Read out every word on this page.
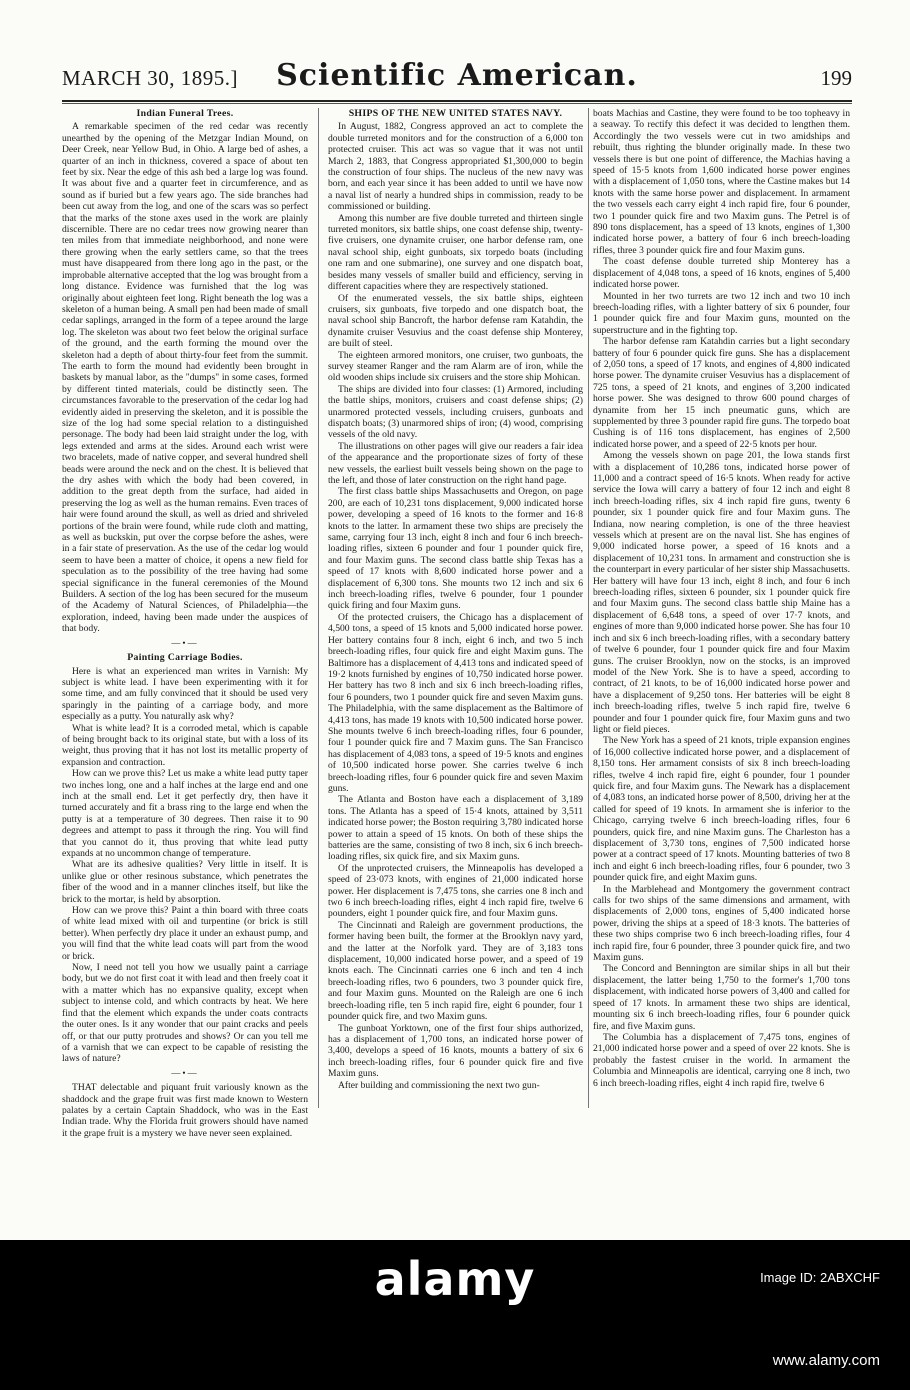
MARCH 30, 1895.]	Scientific American.	199
Indian Funeral Trees.

A remarkable specimen of the red cedar was recently unearthed by the opening of the Metzgar Indian Mound, on Deer Creek, near Yellow Bud, in Ohio. A large bed of ashes, a quarter of an inch in thickness, covered a space of about ten feet by six. Near the edge of this ash bed a large log was found. It was about five and a quarter feet in circumference, and as sound as if buried but a few years ago. The side branches had been cut away from the log, and one of the scars was so perfect that the marks of the stone axes used in the work are plainly discernible. There are no cedar trees now growing nearer than ten miles from that immediate neighborhood, and none were there growing when the early settlers came, so that the trees must have disappeared from there long ago in the past, or the improbable alternative accepted that the log was brought from a long distance. Evidence was furnished that the log was originally about eighteen feet long. Right beneath the log was a skeleton of a human being. A small pen had been made of small cedar saplings, arranged in the form of a tepee around the large log. The skeleton was about two feet below the original surface of the ground, and the earth forming the mound over the skeleton had a depth of about thirty-four feet from the summit. The earth to form the mound had evidently been brought in baskets by manual labor, as the "dumps" in some cases, formed by different tinted materials, could be distinctly seen. The circumstances favorable to the preservation of the cedar log had evidently aided in preserving the skeleton, and it is possible the size of the log had some special relation to a distinguished personage. The body had been laid straight under the log, with legs extended and arms at the sides. Around each wrist were two bracelets, made of native copper, and several hundred shell beads were around the neck and on the chest. It is believed that the dry ashes with which the body had been covered, in addition to the great depth from the surface, had aided in preserving the log as well as the human remains. Even traces of hair were found around the skull, as well as dried and shriveled portions of the brain were found, while rude cloth and matting, as well as buckskin, put over the corpse before the ashes, were in a fair state of preservation. As the use of the cedar log would seem to have been a matter of choice, it opens a new field for speculation as to the possibility of the tree having had some special significance in the funeral ceremonies of the Mound Builders. A section of the log has been secured for the museum of the Academy of Natural Sciences, of Philadelphia—the exploration, indeed, having been made under the auspices of that body.

—•—
Painting Carriage Bodies.

Here is what an experienced man writes in Varnish: My subject is white lead. I have been experimenting with it for some time, and am fully convinced that it should be used very sparingly in the painting of a carriage body, and more especially as a putty. You naturally ask why?

What is white lead? It is a corroded metal, which is capable of being brought back to its original state, but with a loss of its weight, thus proving that it has not lost its metallic property of expansion and contraction.

How can we prove this? Let us make a white lead putty taper two inches long, one and a half inches at the large end and one inch at the small end. Let it get perfectly dry, then have it turned accurately and fit a brass ring to the large end when the putty is at a temperature of 30 degrees. Then raise it to 90 degrees and attempt to pass it through the ring. You will find that you cannot do it, thus proving that white lead putty expands at no uncommon change of temperature.

What are its adhesive qualities? Very little in itself. It is unlike glue or other resinous substance, which penetrates the fiber of the wood and in a manner clinches itself, but like the brick to the mortar, is held by absorption.

How can we prove this? Paint a thin board with three coats of white lead mixed with oil and turpentine (or brick is still better). When perfectly dry place it under an exhaust pump, and you will find that the white lead coats will part from the wood or brick.

Now, I need not tell you how we usually paint a carriage body, but we do not first coat it with lead and then freely coat it with a matter which has no expansive quality, except when subject to intense cold, and which contracts by heat. We here find that the element which expands the under coats contracts the outer ones. Is it any wonder that our paint cracks and peels off, or that our putty protrudes and shows? Or can you tell me of a varnish that we can expect to be capable of resisting the laws of nature?

—•—

THAT delectable and piquant fruit variously known as the shaddock and the grape fruit was first made known to Western palates by a certain Captain Shaddock, who was in the East Indian trade. Why the Florida fruit growers should have named it the grape fruit is a mystery we have never seen explained.

SHIPS OF THE NEW UNITED STATES NAVY.

In August, 1882, Congress approved an act to complete the double turreted monitors and for the construction of a 6,000 ton protected cruiser. This act was so vague that it was not until March 2, 1883, that Congress appropriated $1,300,000 to begin the construction of four ships. The nucleus of the new navy was born, and each year since it has been added to until we have now a naval list of nearly a hundred ships in commission, ready to be commissioned or building.

Among this number are five double turreted and thirteen single turreted monitors, six battle ships, one coast defense ship, twenty-five cruisers, one dynamite cruiser, one harbor defense ram, one naval school ship, eight gunboats, six torpedo boats (including one ram and one submarine), one survey and one dispatch boat, besides many vessels of smaller build and efficiency, serving in different capacities where they are respectively stationed.

Of the enumerated vessels, the six battle ships, eighteen cruisers, six gunboats, five torpedo and one dispatch boat, the naval school ship Bancroft, the harbor defense ram Katahdin, the dynamite cruiser Vesuvius and the coast defense ship Monterey, are built of steel.

The eighteen armored monitors, one cruiser, two gunboats, the survey steamer Ranger and the ram Alarm are of iron, while the old wooden ships include six cruisers and the store ship Mohican.

The ships are divided into four classes: (1) Armored, including the battle ships, monitors, cruisers and coast defense ships; (2) unarmored protected vessels, including cruisers, gunboats and dispatch boats; (3) unarmored ships of iron; (4) wood, comprising vessels of the old navy.

The illustrations on other pages will give our readers a fair idea of the appearance and the proportionate sizes of forty of these new vessels, the earliest built vessels being shown on the page to the left, and those of later construction on the right hand page.

The first class battle ships Massachusetts and Oregon, on page 200, are each of 10,231 tons displacement, 9,000 indicated horse power, developing a speed of 16 knots to the former and 16·8 knots to the latter. In armament these two ships are precisely the same, carrying four 13 inch, eight 8 inch and four 6 inch breech-loading rifles, sixteen 6 pounder and four 1 pounder quick fire, and four Maxim guns. The second class battle ship Texas has a speed of 17 knots with 8,600 indicated horse power and a displacement of 6,300 tons. She mounts two 12 inch and six 6 inch breech-loading rifles, twelve 6 pounder, four 1 pounder quick firing and four Maxim guns.

Of the protected cruisers, the Chicago has a displacement of 4,500 tons, a speed of 15 knots and 5,000 indicated horse power. Her battery contains four 8 inch, eight 6 inch, and two 5 inch breech-loading rifles, four quick fire and eight Maxim guns. The Baltimore has a displacement of 4,413 tons and indicated speed of 19·2 knots furnished by engines of 10,750 indicated horse power. Her battery has two 8 inch and six 6 inch breech-loading rifles, four 6 pounders, two 1 pounder quick fire and seven Maxim guns. The Philadelphia, with the same displacement as the Baltimore of 4,413 tons, has made 19 knots with 10,500 indicated horse power. She mounts twelve 6 inch breech-loading rifles, four 6 pounder, four 1 pounder quick fire and 7 Maxim guns. The San Francisco has displacement of 4,083 tons, a speed of 19·5 knots and engines of 10,500 indicated horse power. She carries twelve 6 inch breech-loading rifles, four 6 pounder quick fire and seven Maxim guns.

The Atlanta and Boston have each a displacement of 3,189 tons. The Atlanta has a speed of 15·4 knots, attained by 3,511 indicated horse power; the Boston requiring 3,780 indicated horse power to attain a speed of 15 knots. On both of these ships the batteries are the same, consisting of two 8 inch, six 6 inch breech-loading rifles, six quick fire, and six Maxim guns.

Of the unprotected cruisers, the Minneapolis has developed a speed of 23·073 knots, with engines of 21,000 indicated horse power. Her displacement is 7,475 tons, she carries one 8 inch and two 6 inch breech-loading rifles, eight 4 inch rapid fire, twelve 6 pounders, eight 1 pounder quick fire, and four Maxim guns.

The Cincinnati and Raleigh are government productions, the former having been built, the former at the Brooklyn navy yard, and the latter at the Norfolk yard. They are of 3,183 tons displacement, 10,000 indicated horse power, and a speed of 19 knots each. The Cincinnati carries one 6 inch and ten 4 inch breech-loading rifles, two 6 pounders, two 3 pounder quick fire, and four Maxim guns. Mounted on the Raleigh are one 6 inch breech-loading rifle, ten 5 inch rapid fire, eight 6 pounder, four 1 pounder quick fire, and two Maxim guns.

The gunboat Yorktown, one of the first four ships authorized, has a displacement of 1,700 tons, an indicated horse power of 3,400, develops a speed of 16 knots, mounts a battery of six 6 inch breech-loading rifles, four 6 pounder quick fire and five Maxim guns.

After building and commissioning the next two gun-

boats Machias and Castine, they were found to be too topheavy in a seaway. To rectify this defect it was decided to lengthen them. Accordingly the two vessels were cut in two amidships and rebuilt, thus righting the blunder originally made. In these two vessels there is but one point of difference, the Machias having a speed of 15·5 knots from 1,600 indicated horse power engines with a displacement of 1,050 tons, where the Castine makes but 14 knots with the same horse power and displacement. In armament the two vessels each carry eight 4 inch rapid fire, four 6 pounder, two 1 pounder quick fire and two Maxim guns. The Petrel is of 890 tons displacement, has a speed of 13 knots, engines of 1,300 indicated horse power, a battery of four 6 inch breech-loading rifles, three 3 pounder quick fire and four Maxim guns.

The coast defense double turreted ship Monterey has a displacement of 4,048 tons, a speed of 16 knots, engines of 5,400 indicated horse power.

Mounted in her two turrets are two 12 inch and two 10 inch breech-loading rifles, with a lighter battery of six 6 pounder, four 1 pounder quick fire and four Maxim guns, mounted on the superstructure and in the fighting top.

The harbor defense ram Katahdin carries but a light secondary battery of four 6 pounder quick fire guns. She has a displacement of 2,050 tons, a speed of 17 knots, and engines of 4,800 indicated horse power. The dynamite cruiser Vesuvius has a displacement of 725 tons, a speed of 21 knots, and engines of 3,200 indicated horse power. She was designed to throw 600 pound charges of dynamite from her 15 inch pneumatic guns, which are supplemented by three 3 pounder rapid fire guns. The torpedo boat Cushing is of 116 tons displacement, has engines of 2,500 indicated horse power, and a speed of 22·5 knots per hour.

Among the vessels shown on page 201, the Iowa stands first with a displacement of 10,286 tons, indicated horse power of 11,000 and a contract speed of 16·5 knots. When ready for active service the Iowa will carry a battery of four 12 inch and eight 8 inch breech-loading rifles, six 4 inch rapid fire guns, twenty 6 pounder, six 1 pounder quick fire and four Maxim guns. The Indiana, now nearing completion, is one of the three heaviest vessels which at present are on the naval list. She has engines of 9,000 indicated horse power, a speed of 16 knots and a displacement of 10,231 tons. In armament and construction she is the counterpart in every particular of her sister ship Massachusetts. Her battery will have four 13 inch, eight 8 inch, and four 6 inch breech-loading rifles, sixteen 6 pounder, six 1 pounder quick fire and four Maxim guns. The second class battle ship Maine has a displacement of 6,648 tons, a speed of over 17·7 knots, and engines of more than 9,000 indicated horse power. She has four 10 inch and six 6 inch breech-loading rifles, with a secondary battery of twelve 6 pounder, four 1 pounder quick fire and four Maxim guns. The cruiser Brooklyn, now on the stocks, is an improved model of the New York. She is to have a speed, according to contract, of 21 knots, to be of 16,000 indicated horse power and have a displacement of 9,250 tons. Her batteries will be eight 8 inch breech-loading rifles, twelve 5 inch rapid fire, twelve 6 pounder and four 1 pounder quick fire, four Maxim guns and two light or field pieces.

The New York has a speed of 21 knots, triple expansion engines of 16,000 collective indicated horse power, and a displacement of 8,150 tons. Her armament consists of six 8 inch breech-loading rifles, twelve 4 inch rapid fire, eight 6 pounder, four 1 pounder quick fire, and four Maxim guns. The Newark has a displacement of 4,083 tons, an indicated horse power of 8,500, driving her at the called for speed of 19 knots. In armament she is inferior to the Chicago, carrying twelve 6 inch breech-loading rifles, four 6 pounders, quick fire, and nine Maxim guns. The Charleston has a displacement of 3,730 tons, engines of 7,500 indicated horse power at a contract speed of 17 knots. Mounting batteries of two 8 inch and eight 6 inch breech-loading rifles, four 6 pounder, two 3 pounder quick fire, and eight Maxim guns.

In the Marblehead and Montgomery the government contract calls for two ships of the same dimensions and armament, with displacements of 2,000 tons, engines of 5,400 indicated horse power, driving the ships at a speed of 18·3 knots. The batteries of these two ships comprise two 6 inch breech-loading rifles, four 4 inch rapid fire, four 6 pounder, three 3 pounder quick fire, and two Maxim guns.

The Concord and Bennington are similar ships in all but their displacement, the latter being 1,750 to the former's 1,700 tons displacement, with indicated horse powers of 3,400 and called for speed of 17 knots. In armament these two ships are identical, mounting six 6 inch breech-loading rifles, four 6 pounder quick fire, and five Maxim guns.

The Columbia has a displacement of 7,475 tons, engines of 21,000 indicated horse power and a speed of over 22 knots. She is probably the fastest cruiser in the world. In armament the Columbia and Minneapolis are identical, carrying one 8 inch, two 6 inch breech-loading rifles, eight 4 inch rapid fire, twelve 6

alamy	Image ID: 2ABXCHF
www.alamy.com
